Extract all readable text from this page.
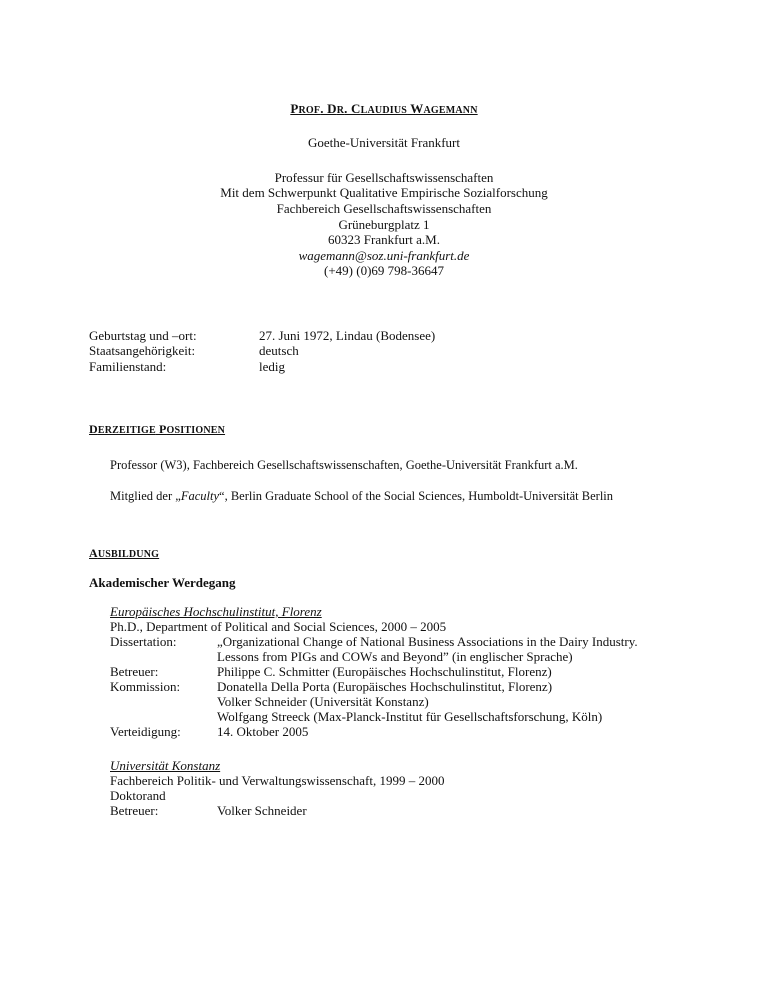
PROF. DR. CLAUDIUS WAGEMANN
Goethe-Universität Frankfurt
Professur für Gesellschaftswissenschaften
Mit dem Schwerpunkt Qualitative Empirische Sozialforschung
Fachbereich Gesellschaftswissenschaften
Grüneburgplatz 1
60323 Frankfurt a.M.
wagemann@soz.uni-frankfurt.de
(+49) (0)69 798-36647
Geburtstag und –ort:	27. Juni 1972, Lindau (Bodensee)
Staatsangehörigkeit:	deutsch
Familienstand:	ledig
DERZEITIGE POSITIONEN
Professor (W3), Fachbereich Gesellschaftswissenschaften, Goethe-Universität Frankfurt a.M.
Mitglied der „Faculty“, Berlin Graduate School of the Social Sciences, Humboldt-Universität Berlin
AUSBILDUNG
Akademischer Werdegang
Europäisches Hochschulinstitut, Florenz
Ph.D., Department of Political and Social Sciences, 2000 – 2005
Dissertation:	„Organizational Change of National Business Associations in the Dairy Industry.
Lessons from PIGs and COWs and Beyond” (in englischer Sprache)
Betreuer:	Philippe C. Schmitter (Europäisches Hochschulinstitut, Florenz)
Kommission:	Donatella Della Porta (Europäisches Hochschulinstitut, Florenz)
Volker Schneider (Universität Konstanz)
Wolfgang Streeck (Max-Planck-Institut für Gesellschaftsforschung, Köln)
Verteidigung:	14. Oktober 2005
Universität Konstanz
Fachbereich Politik- und Verwaltungswissenschaft, 1999 – 2000
Doktorand
Betreuer:	Volker Schneider
